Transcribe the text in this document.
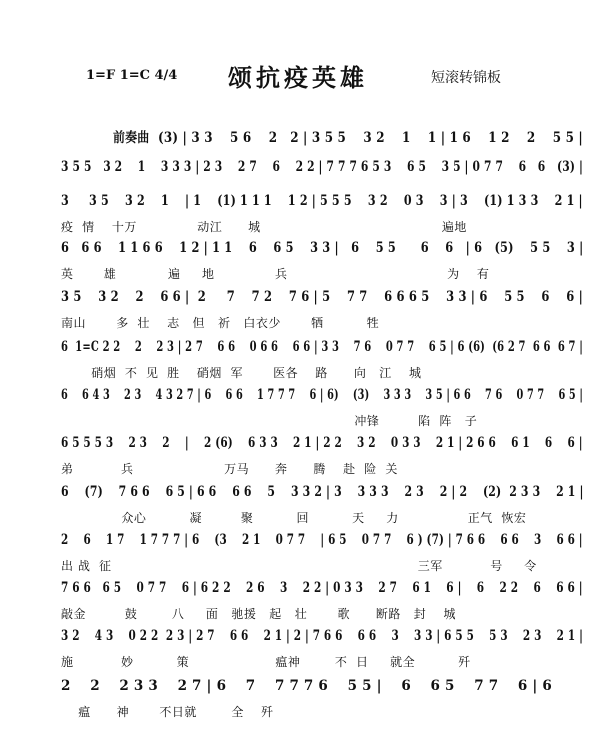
1=F 1=C 4/4 颂抗疫英雄	短滚转锦板
前奏曲  (3) | 3 3    5 6    2   2 | 3 5 5    3 2    1    1 | 1 6    1 2    2    5 5 |
3 5 5   3 2    1    3 3 3 | 2 3    2 7    6    2 2 | 7 7 7 6 5 3    6 5    3 5 | 0 7 7    6   6   (3) |
3     3 5    3 2    1    | 1    (1) 1 1 1    1 2 | 5 5 5    3 2    0 3    3 | 3    (1) 1 3 3    2 1 |
疫  情    十万              动江      城                                          遍地
6   6 6    1 1 6 6    1 2 | 1 1    6    6 5    3 3 |   6    5 5      6    6   | 6   (5)    5 5    3 |
英       雄            遍     地              兵                                     为    有
3 5    3 2    2    6 6 |  2     7    7 2    7 6 | 5    7 7    6 6 6 5    3 3 | 6    5 5    6    6 |
南山       多  壮    志   但   祈   白衣少       牺          牲
6  1=C 2 2    2    2 3 | 2 7    6 6    0 6 6    6 6 | 3 3    7 6    0 7 7    6 5 | 6 (6)  (6 2 7  6 6  6 7 |
硝烟  不  见  胜    硝烟  军       医各    路      向   江    城
6    6 4 3    2 3    4 3 2 7 | 6    6 6    1 7 7 7    6 | 6)    (3)    3 3 3    3 5 | 6 6    7 6    0 7 7    6 5 |
冲锋         陷  阵   子
6 5 5 5 3    2 3    2    |    2 (6)    6 3 3    2 1 | 2 2    3 2    0 3 3    2 1 | 2 6 6    6 1    6    6 |
弟           兵                     万马      奔      腾    赴  险  关
6    (7)    7 6 6    6 5 | 6 6    6 6    5    3 3 2 | 3    3 3 3    2 3    2 | 2    (2)  2 3 3    2 1 |
众心          凝         聚          回          天     力                正气  恢宏
2    6    1 7    1 7 7 7 | 6    (3    2 1    0 7 7    | 6 5    0 7 7    6 ) (7) | 7 6 6    6 6    3    6 6 |
出 战  征                                                                       三军           号     令
7 6 6   6 5    0 7 7    6 | 6 2 2    2 6    3    2 2 | 0 3 3    2 7    6 1    6 |    6    2 2    6    6 6 |
敲金         鼓        八     面   驰援   起   壮       歌      断路   封    城
3 2    4 3    0 2 2  2 3 | 2 7    6 6    2 1 | 2 | 7 6 6    6 6    3    3 3 | 6 5 5    5 3    2 3    2 1 |
施           妙          策                    瘟神        不  日     就全          歼
2    2    2 3 3    2 7 | 6    7    7 7 7 6    5 5 |    6    6 5    7 7    6 | 6
瘟      神       不日就        全    歼
